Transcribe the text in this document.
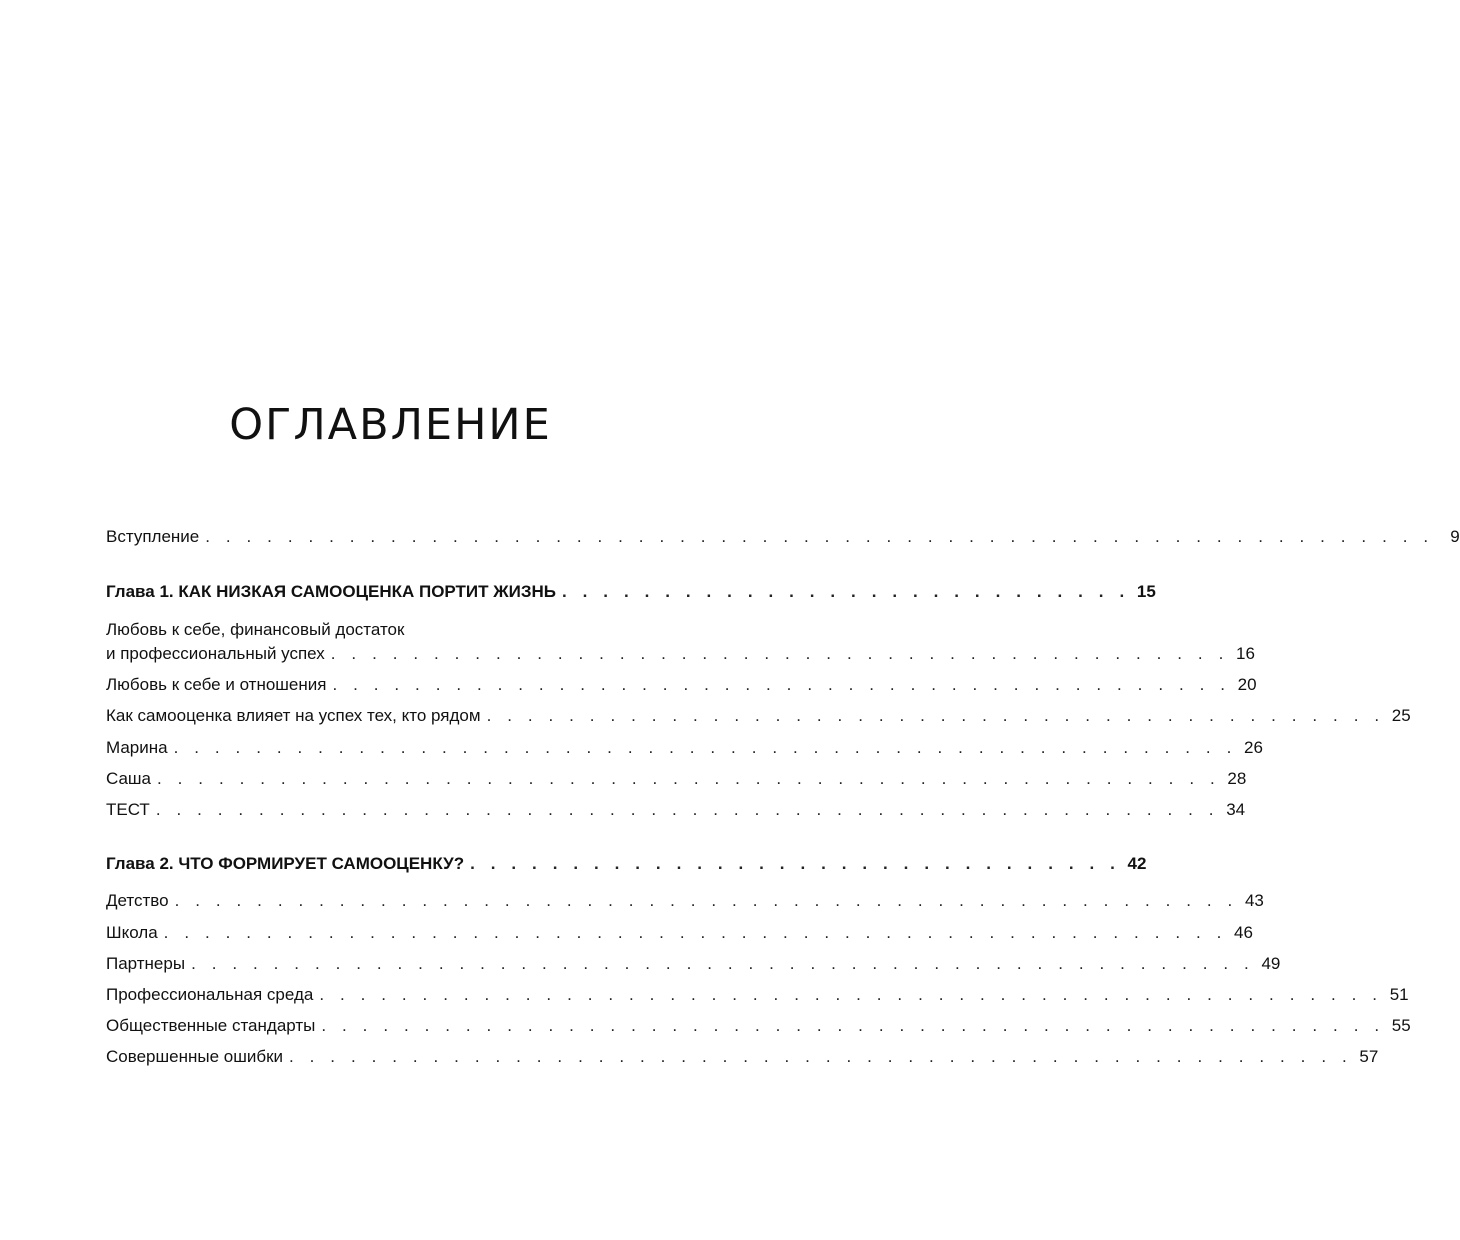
ОГЛАВЛЕНИЕ
Вступление . . . . . . . . . . . . . . . . . . . . . . . . . . . . . . . . . . . . . . . . . . . . . . . . . . . . . . . . . . . . 9
Глава 1. КАК НИЗКАЯ САМООЦЕНКА ПОРТИТ ЖИЗНЬ . . . . . . . . . . . . . . . . . . . . . . . . . . . . 15
Любовь к себе, финансовый достаток
и профессиональный успех . . . . . . . . . . . . . . . . . . . . . . . . . . . . . . . . . . . . . . . . . . . . 16
Любовь к себе и отношения . . . . . . . . . . . . . . . . . . . . . . . . . . . . . . . . . . . . . . . . . . . . 20
Как самооценка влияет на успех тех, кто рядом . . . . . . . . . . . . . . . . . . . . . . . . . . . . . . . . . . . . . . . . . . . . 25
Марина . . . . . . . . . . . . . . . . . . . . . . . . . . . . . . . . . . . . . . . . . . . . . . . . . . . . 26
Саша . . . . . . . . . . . . . . . . . . . . . . . . . . . . . . . . . . . . . . . . . . . . . . . . . . . . 28
ТЕСТ . . . . . . . . . . . . . . . . . . . . . . . . . . . . . . . . . . . . . . . . . . . . . . . . . . . . 34
Глава 2. ЧТО ФОРМИРУЕТ САМООЦЕНКУ? . . . . . . . . . . . . . . . . . . . . . . . . . . . . . . . . 42
Детство . . . . . . . . . . . . . . . . . . . . . . . . . . . . . . . . . . . . . . . . . . . . . . . . . . . . 43
Школа . . . . . . . . . . . . . . . . . . . . . . . . . . . . . . . . . . . . . . . . . . . . . . . . . . . . 46
Партнеры . . . . . . . . . . . . . . . . . . . . . . . . . . . . . . . . . . . . . . . . . . . . . . . . . . . . 49
Профессиональная среда . . . . . . . . . . . . . . . . . . . . . . . . . . . . . . . . . . . . . . . . . . . . . . . . . . . . 51
Общественные стандарты . . . . . . . . . . . . . . . . . . . . . . . . . . . . . . . . . . . . . . . . . . . . . . . . . . . . 55
Совершенные ошибки . . . . . . . . . . . . . . . . . . . . . . . . . . . . . . . . . . . . . . . . . . . . . . . . . . . . 57
